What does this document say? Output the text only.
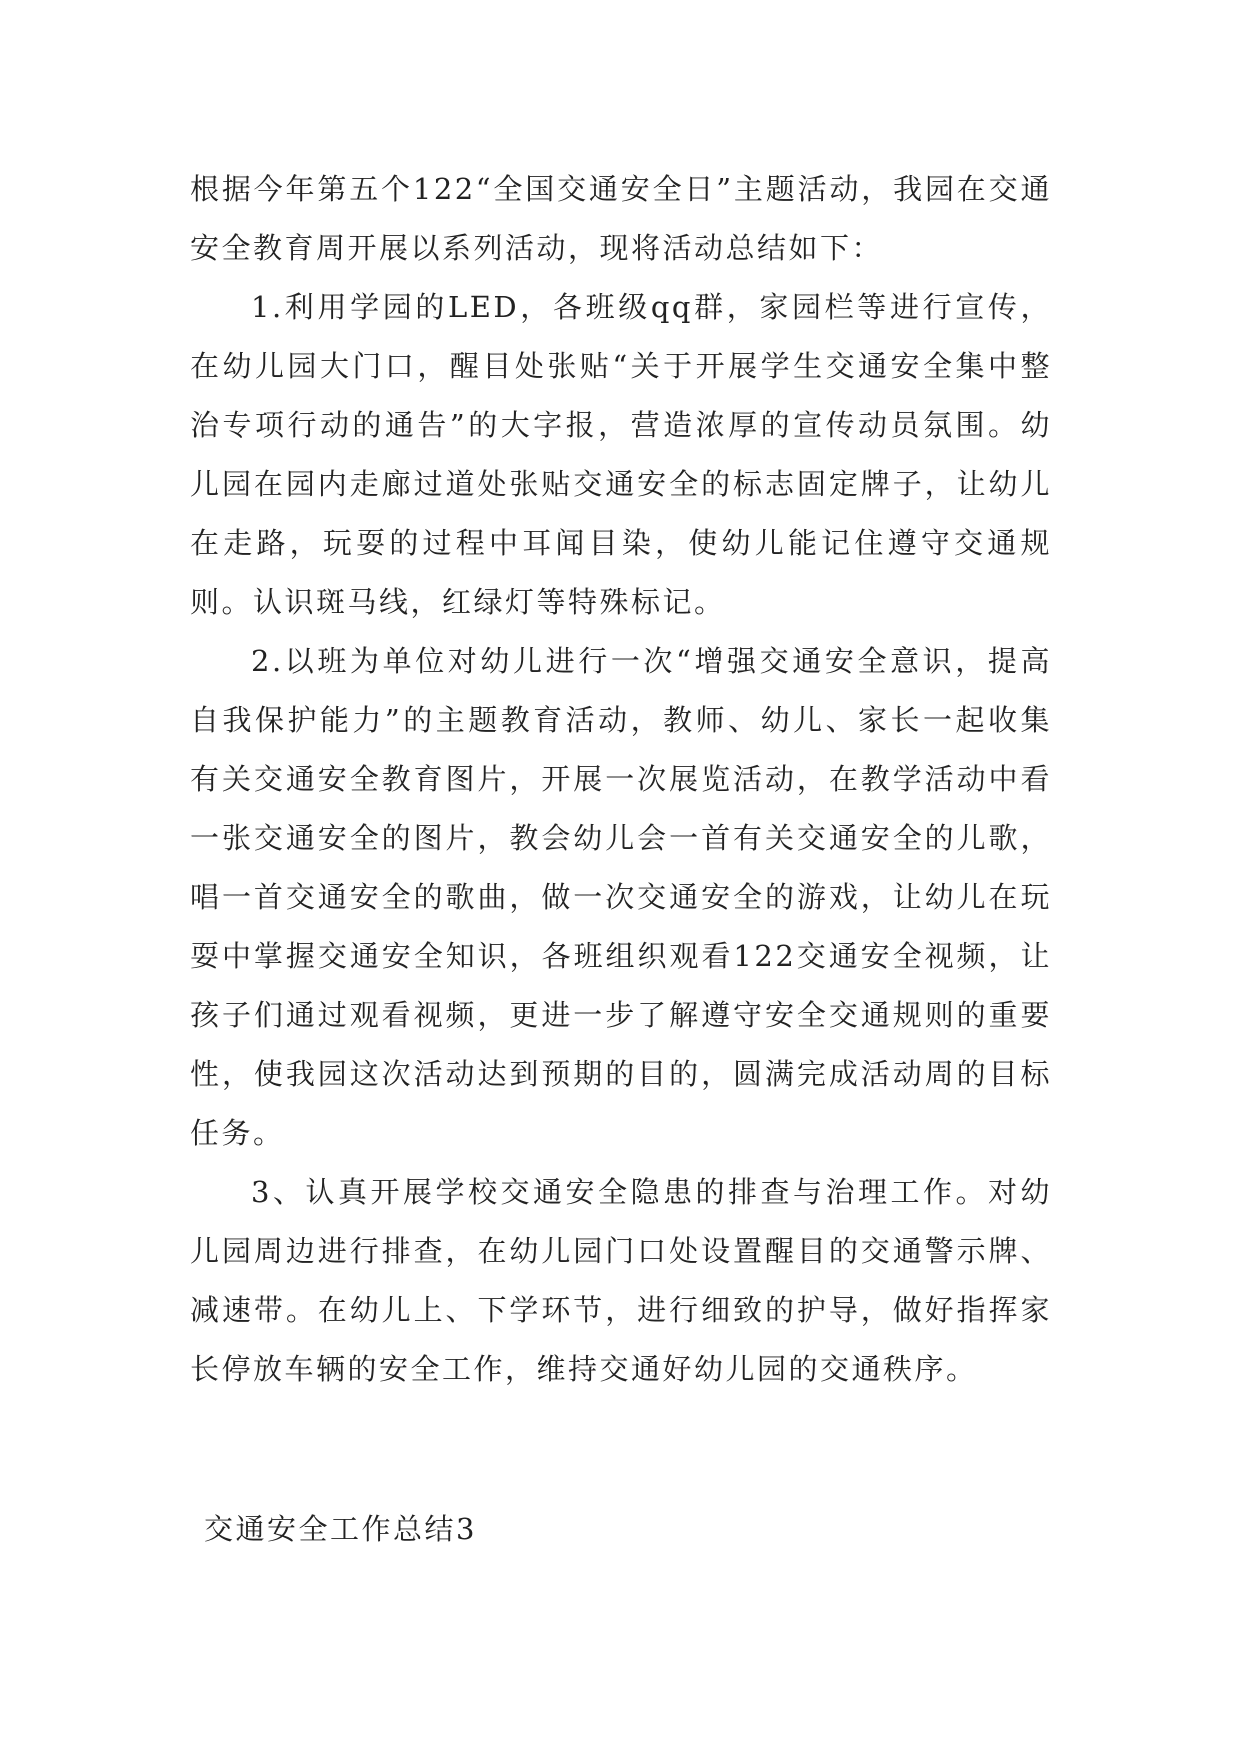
根据今年第五个122“全国交通安全日”主题活动，我园在交通安全教育周开展以系列活动，现将活动总结如下：

1.利用学园的LED，各班级qq群，家园栏等进行宣传，在幼儿园大门口，醒目处张贴“关于开展学生交通安全集中整治专项行动的通告”的大字报，营造浓厚的宣传动员氛围。幼儿园在园内走廊过道处张贴交通安全的标志固定牌子，让幼儿在走路，玩耍的过程中耳闻目染，使幼儿能记住遵守交通规则。认识斑马线，红绿灯等特殊标记。

2.以班为单位对幼儿进行一次“增强交通安全意识，提高自我保护能力”的主题教育活动，教师、幼儿、家长一起收集有关交通安全教育图片，开展一次展览活动，在教学活动中看一张交通安全的图片，教会幼儿会一首有关交通安全的儿歌，唱一首交通安全的歌曲，做一次交通安全的游戏，让幼儿在玩耍中掌握交通安全知识，各班组织观看122交通安全视频，让孩子们通过观看视频，更进一步了解遵守安全交通规则的重要性，使我园这次活动达到预期的目的，圆满完成活动周的目标任务。

3、认真开展学校交通安全隐患的排查与治理工作。对幼儿园周边进行排查，在幼儿园门口处设置醒目的交通警示牌、减速带。在幼儿上、下学环节，进行细致的护导，做好指挥家长停放车辆的安全工作，维持交通好幼儿园的交通秩序。

交通安全工作总结3
